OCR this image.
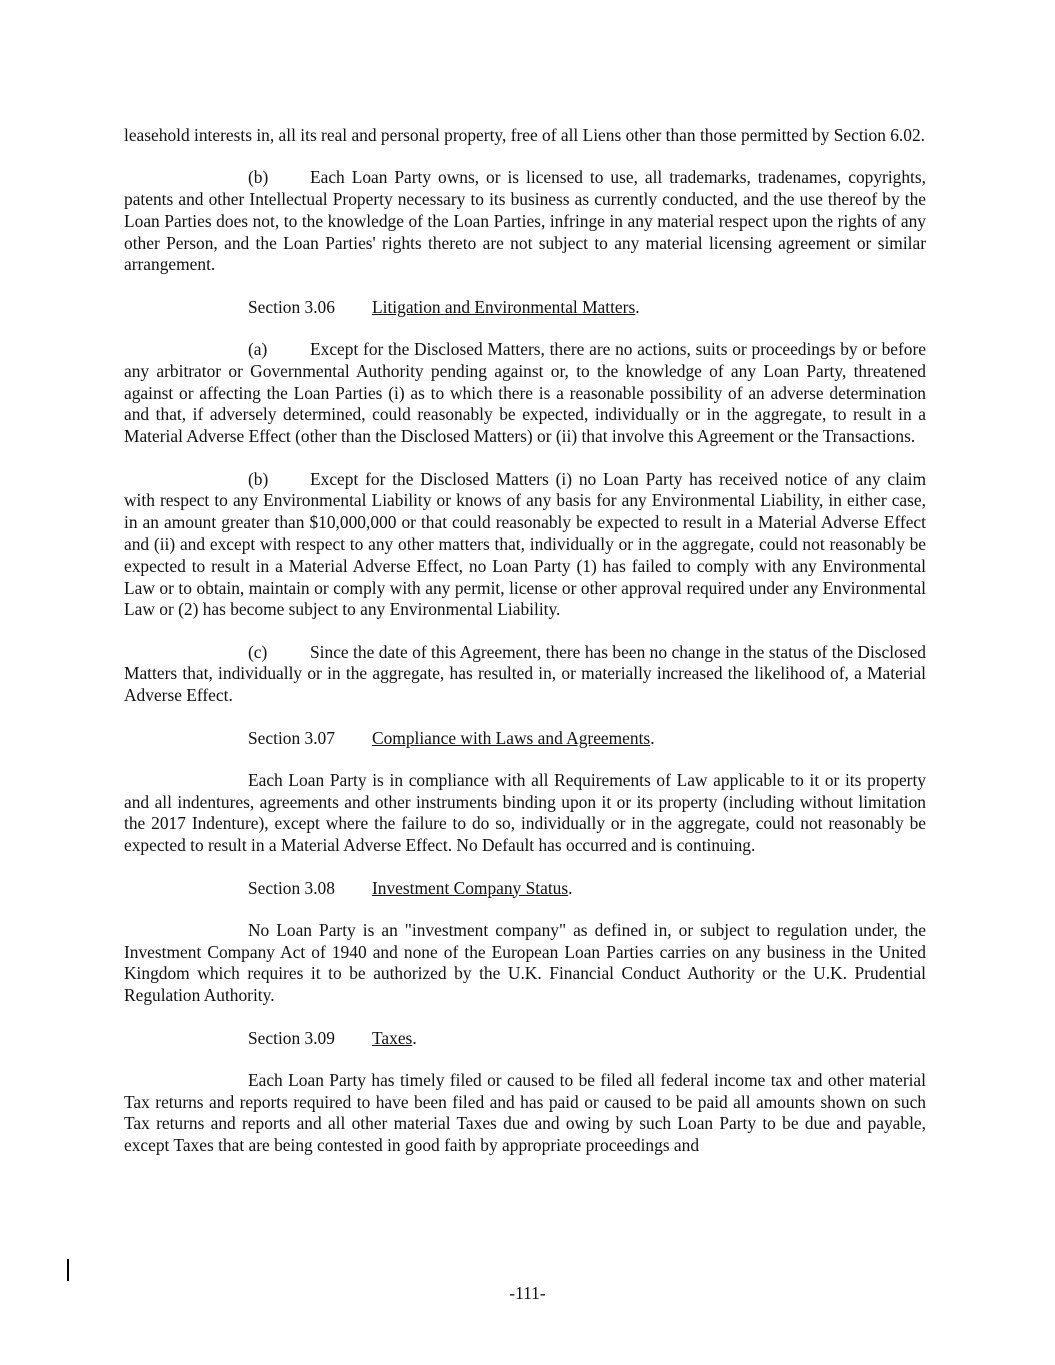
leasehold interests in, all its real and personal property, free of all Liens other than those permitted by Section 6.02.

(b) Each Loan Party owns, or is licensed to use, all trademarks, tradenames, copyrights, patents and other Intellectual Property necessary to its business as currently conducted, and the use thereof by the Loan Parties does not, to the knowledge of the Loan Parties, infringe in any material respect upon the rights of any other Person, and the Loan Parties' rights thereto are not subject to any material licensing agreement or similar arrangement.

Section 3.06 Litigation and Environmental Matters.

(a) Except for the Disclosed Matters, there are no actions, suits or proceedings by or before any arbitrator or Governmental Authority pending against or, to the knowledge of any Loan Party, threatened against or affecting the Loan Parties (i) as to which there is a reasonable possibility of an adverse determination and that, if adversely determined, could reasonably be expected, individually or in the aggregate, to result in a Material Adverse Effect (other than the Disclosed Matters) or (ii) that involve this Agreement or the Transactions.

(b) Except for the Disclosed Matters (i) no Loan Party has received notice of any claim with respect to any Environmental Liability or knows of any basis for any Environmental Liability, in either case, in an amount greater than $10,000,000 or that could reasonably be expected to result in a Material Adverse Effect and (ii) and except with respect to any other matters that, individually or in the aggregate, could not reasonably be expected to result in a Material Adverse Effect, no Loan Party (1) has failed to comply with any Environmental Law or to obtain, maintain or comply with any permit, license or other approval required under any Environmental Law or (2) has become subject to any Environmental Liability.

(c) Since the date of this Agreement, there has been no change in the status of the Disclosed Matters that, individually or in the aggregate, has resulted in, or materially increased the likelihood of, a Material Adverse Effect.

Section 3.07 Compliance with Laws and Agreements.

Each Loan Party is in compliance with all Requirements of Law applicable to it or its property and all indentures, agreements and other instruments binding upon it or its property (including without limitation the 2017 Indenture), except where the failure to do so, individually or in the aggregate, could not reasonably be expected to result in a Material Adverse Effect. No Default has occurred and is continuing.

Section 3.08 Investment Company Status.

No Loan Party is an "investment company" as defined in, or subject to regulation under, the Investment Company Act of 1940 and none of the European Loan Parties carries on any business in the United Kingdom which requires it to be authorized by the U.K. Financial Conduct Authority or the U.K. Prudential Regulation Authority.

Section 3.09 Taxes.

Each Loan Party has timely filed or caused to be filed all federal income tax and other material Tax returns and reports required to have been filed and has paid or caused to be paid all amounts shown on such Tax returns and reports and all other material Taxes due and owing by such Loan Party to be due and payable, except Taxes that are being contested in good faith by appropriate proceedings and

-111-
